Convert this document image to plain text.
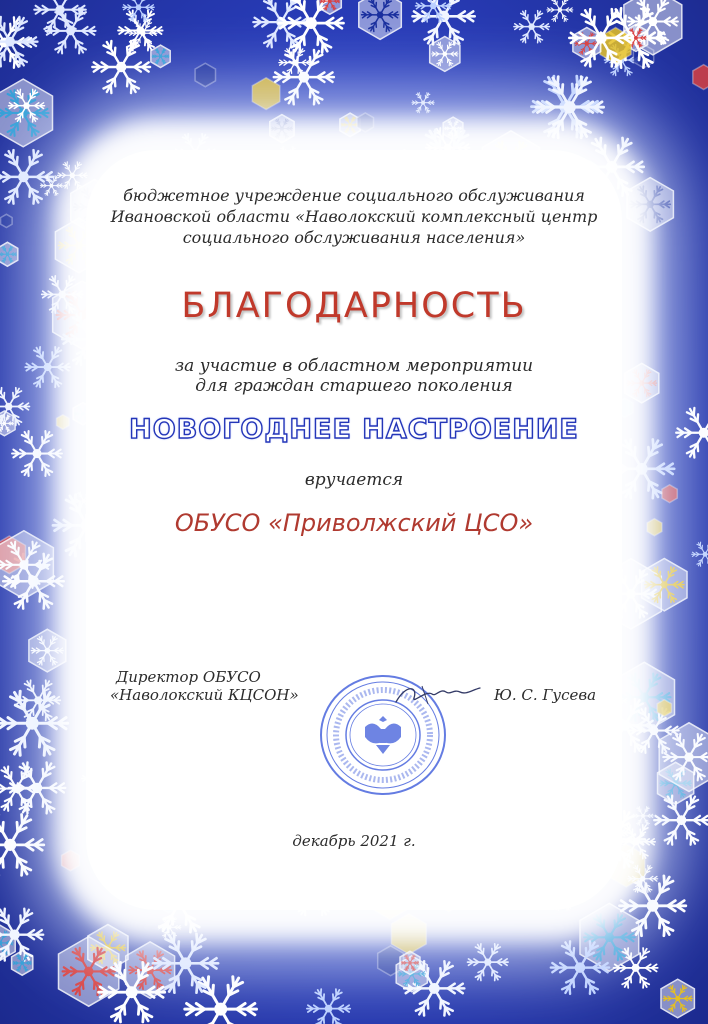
бюджетное учреждение социального обслуживания
Ивановской области «Наволокский комплексный центр
социального обслуживания населения»
БЛАГОДАРНОСТЬ
за участие в областном мероприятии
для граждан старшего поколения
НОВОГОДНЕЕ НАСТРОЕНИЕ
вручается
ОБУСО «Приволжский ЦСО»
Директор ОБУСО
«Наволокский КЦСОН»	Ю. С. Гусева
декабрь 2021 г.
